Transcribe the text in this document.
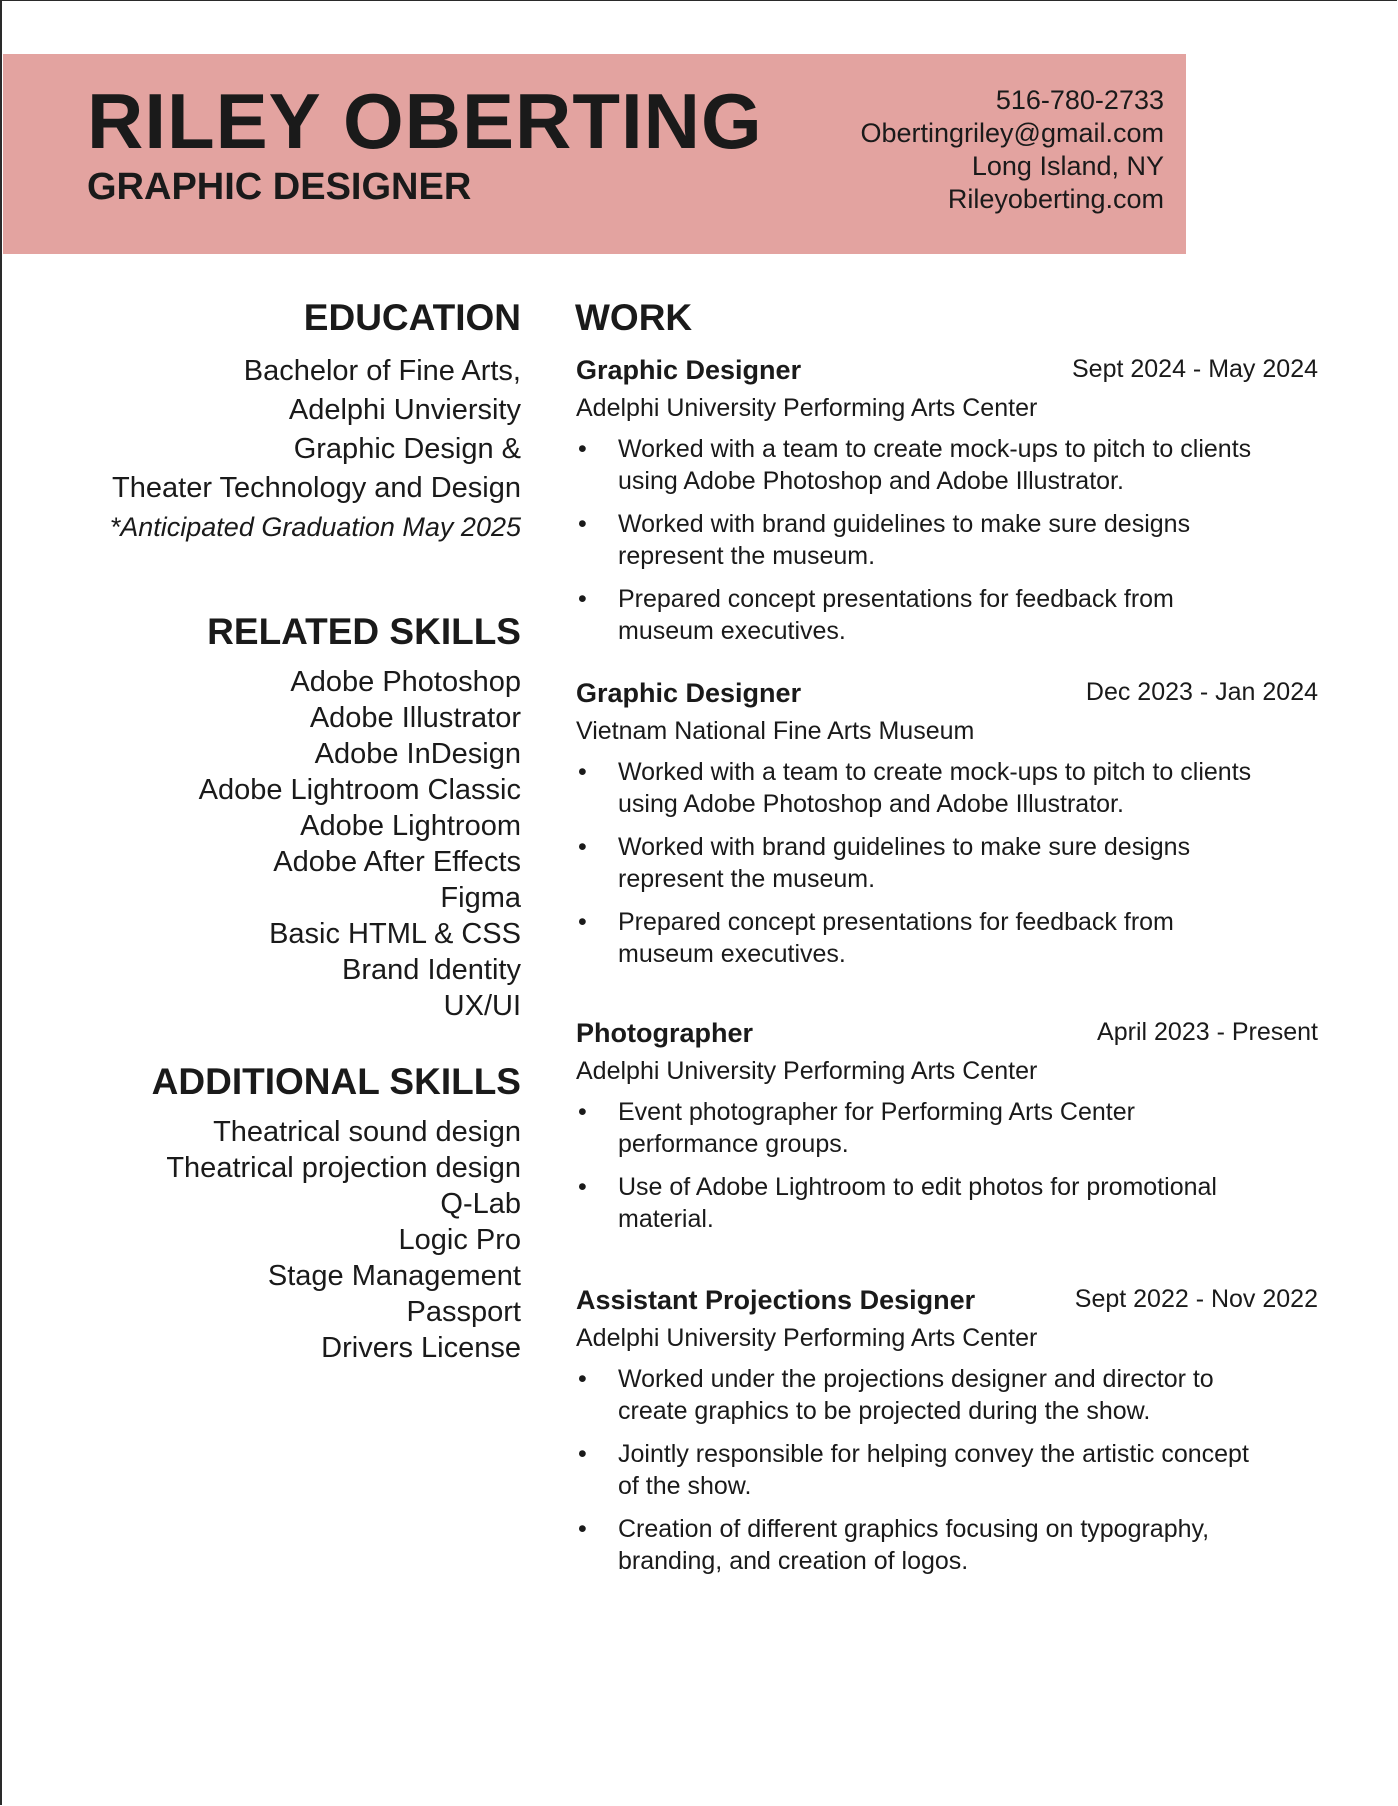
RILEY OBERTING
GRAPHIC DESIGNER
516-780-2733
Obertingriley@gmail.com
Long Island, NY
Rileyoberting.com
EDUCATION
Bachelor of Fine Arts,
Adelphi Unviersity
Graphic Design &
Theater Technology and Design
*Anticipated Graduation May 2025
RELATED SKILLS
Adobe Photoshop
Adobe Illustrator
Adobe InDesign
Adobe Lightroom Classic
Adobe Lightroom
Adobe After Effects
Figma
Basic HTML & CSS
Brand Identity
UX/UI
ADDITIONAL SKILLS
Theatrical sound design
Theatrical projection design
Q-Lab
Logic Pro
Stage Management
Passport
Drivers License
WORK
Graphic Designer	Sept 2024 - May 2024
Adelphi University Performing Arts Center
• Worked with a team to create mock-ups to pitch to clients using Adobe Photoshop and Adobe Illustrator.
• Worked with brand guidelines to make sure designs represent the museum.
• Prepared concept presentations for feedback from museum executives.
Graphic Designer	Dec 2023 - Jan 2024
Vietnam National Fine Arts Museum
• Worked with a team to create mock-ups to pitch to clients using Adobe Photoshop and Adobe Illustrator.
• Worked with brand guidelines to make sure designs represent the museum.
• Prepared concept presentations for feedback from museum executives.
Photographer	April 2023 - Present
Adelphi University Performing Arts Center
• Event photographer for Performing Arts Center performance groups.
• Use of Adobe Lightroom to edit photos for promotional material.
Assistant Projections Designer	Sept 2022 - Nov 2022
Adelphi University Performing Arts Center
• Worked under the projections designer and director to create graphics to be projected during the show.
• Jointly responsible for helping convey the artistic concept of the show.
• Creation of different graphics focusing on typography, branding, and creation of logos.
